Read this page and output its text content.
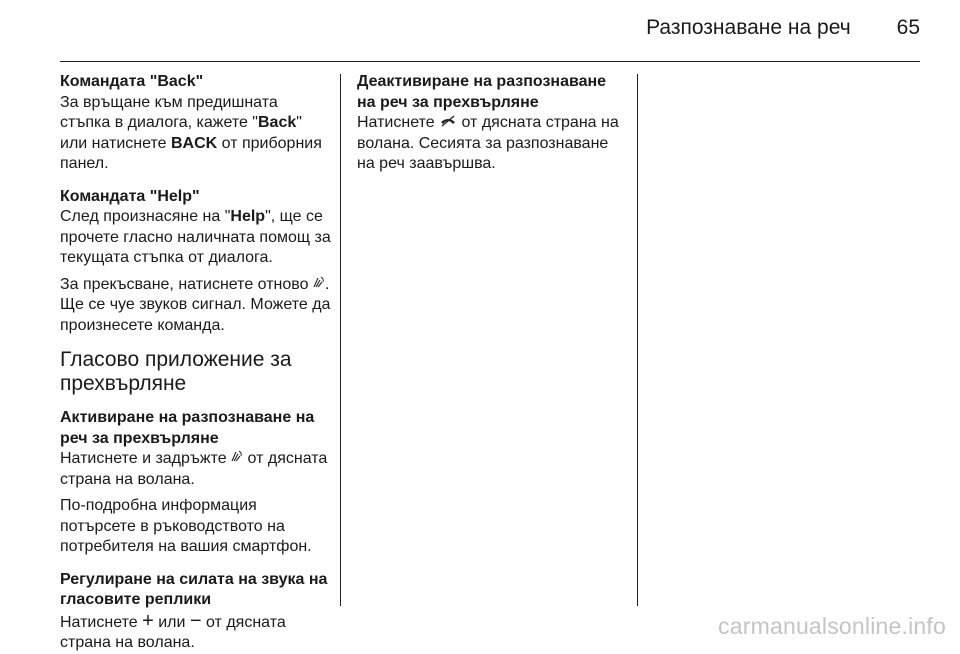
Разпознаване на реч 65

Командата "Back"

За връщане към предишната стъпка в диалога, кажете "Back" или натиснете BACK от приборния панел.

Командата "Help"

След произнасяне на "Help", ще се прочете гласно наличната помощ за текущата стъпка от диалога.

За прекъсване, натиснете отново . Ще се чуе звуков сигнал. Можете да произнесете команда.

Гласово приложение за прехвърляне

Активиране на разпознаване на реч за прехвърляне

Натиснете и задръжте  от дясната страна на волана.

По-подробна информация потърсете в ръководството на потребителя на вашия смартфон.

Регулиране на силата на звука на гласовите реплики

Натиснете + или − от дясната страна на волана.

Деактивиране на разпознаване на реч за прехвърляне

Натиснете  от дясната страна на волана. Сесията за разпознаване на реч заавършва.

carmanualsonline.info
